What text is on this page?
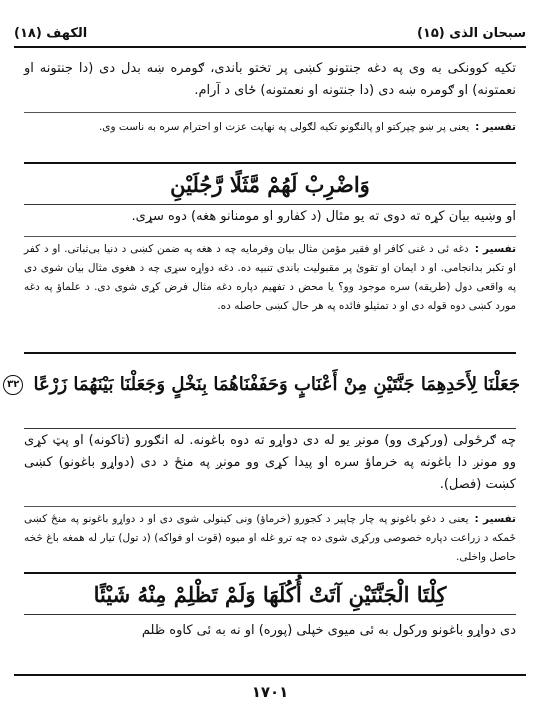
سبحان الذی (۱۵)
الکهف (۱۸)
تکیه کوونکی به وی په دغه جنتونو کښی پر تختو باندی، ګومره ښه بدل دی (دا جنتونه او نعمتونه) او ګومره ښه دی (دا جنتونه او نعمتونه) ځای د آرام.
تفسیر :یعنی پر ښو چپرکتو او پالنګونو تکیه لګولی په نهایت عزت او احترام سره به ناست وی.
وَاضْرِبْ لَهُمْ مَّثَلًا رَّجُلَيْنِ
او وښیه بیان کړه ته دوی ته یو مثال (د کفارو او مومنانو هغه) دوه سړی.
تفسیر :دغه ئی د غنی کافر او فقیر مؤمن مثال بیان وفرمایه چه د هغه په ضمن کښی د دنیا بی‌ثباتی. او د کفر او تکبر بدانجامی. او د ایمان او تقویٰ پر مقبولیت باندی تنبیه ده. دغه دواړه سړی چه د هغوی مثال بیان شوی دی په واقعی دول (طریقه) سره موجود وو؟ یا محض د تفهیم دپاره دغه مثال فرض کړی شوی دی. د علماؤ په دغه مورد کښی دوه قوله دی او د تمثیلو فائده په هر حال کښی حاصله ده.
جَعَلْنَا لِأَحَدِهِمَا جَنَّتَيْنِ مِنْ أَعْنَابٍ وَحَفَفْنَاهُمَا بِنَخْلٍ وَجَعَلْنَا بَيْنَهُمَا زَرْعًا ۳۲
چه ګرځولی (ورکړی وو) مونږ یو له دی دواړو ته دوه باغونه. له انګورو (تاکونه) او پټ کړی وو مونږ دا باغونه په خرماؤ سره او پیدا کړی وو مونږ په منځ د دی (دواړو باغونو) کښی کښت (فصل).
تفسیر :یعنی د دغو باغونو په چار چاپیر د کجورو (خرماؤ) ونی کینولی شوی دی او د دواړو باغونو په منځ کښی ځمکه د زراعت دپاره خصوصی ورکړی شوی ده چه ترو غله او میوه (قوت او فواکه) (د تول) تیار له همغه باغ څخه حاصل واخلی.
كِلْتَا الْجَنَّتَيْنِ آتَتْ أُكُلَهَا وَلَمْ تَظْلِمْ مِنْهُ شَيْئًا
دی دواړو باغونو ورکول به ئی میوی خپلی (پوره) او نه به ئی کاوه ظلم
۱۷۰۱
